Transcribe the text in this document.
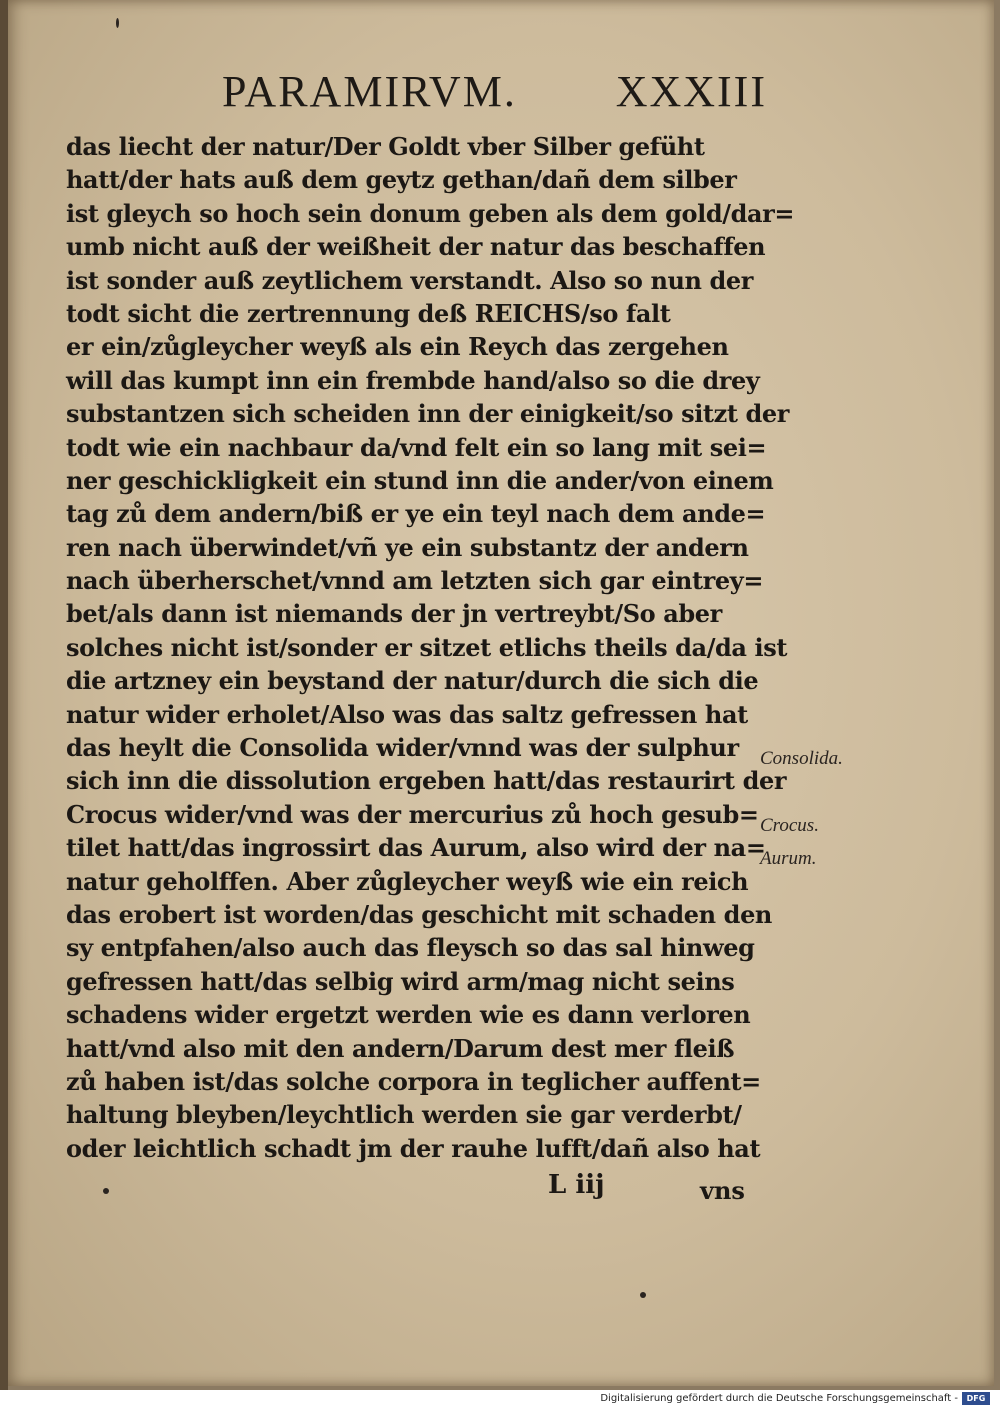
PARAMIRVM. XXXIII
das liecht der natur/Der Goldt vber Silber gefüht
hatt/der hats auß dem geytz gethan/dañ dem silber
ist gleych so hoch sein donum geben als dem gold/dar=
umb nicht auß der weißheit der natur das beschaffen
ist sonder auß zeytlichem verstandt. Also so nun der
todt sicht die zertrennung deß REICHS/so falt
er ein/zůgleycher weyß als ein Reych das zergehen
will das kumpt inn ein frembde hand/also so die drey
substantzen sich scheiden inn der einigkeit/so sitzt der
todt wie ein nachbaur da/vnd felt ein so lang mit sei=
ner geschickligkeit ein stund inn die ander/von einem
tag zů dem andern/biß er ye ein teyl nach dem ande=
ren nach überwindet/vñ ye ein substantz der andern
nach überherschet/vnnd am letzten sich gar eintrey=
bet/als dann ist niemands der jn vertreybt/So aber
solches nicht ist/sonder er sitzet etlichs theils da/da ist
die artzney ein beystand der natur/durch die sich die
natur wider erholet/Also was das saltz gefressen hat
das heylt die Consolida wider/vnnd was der sulphur
sich inn die dissolution ergeben hatt/das restaurirt der
Crocus wider/vnd was der mercurius zů hoch gesub=
tilet hatt/das ingrossirt das Aurum, also wird der na=
natur geholffen. Aber zůgleycher weyß wie ein reich
das erobert ist worden/das geschicht mit schaden den
sy entpfahen/also auch das fleysch so das sal hinweg
gefressen hatt/das selbig wird arm/mag nicht seins
schadens wider ergetzt werden wie es dann verloren
hatt/vnd also mit den andern/Darum dest mer fleiß
zů haben ist/das solche corpora in teglicher auffent=
haltung bleyben/leychtlich werden sie gar verderbt/
oder leichtlich schadt jm der rauhe lufft/dañ also hat
Consolida.
Crocus.
Aurum.
L iij	vns
Digitalisierung gefördert durch die Deutsche Forschungsgemeinschaft -	DFG
